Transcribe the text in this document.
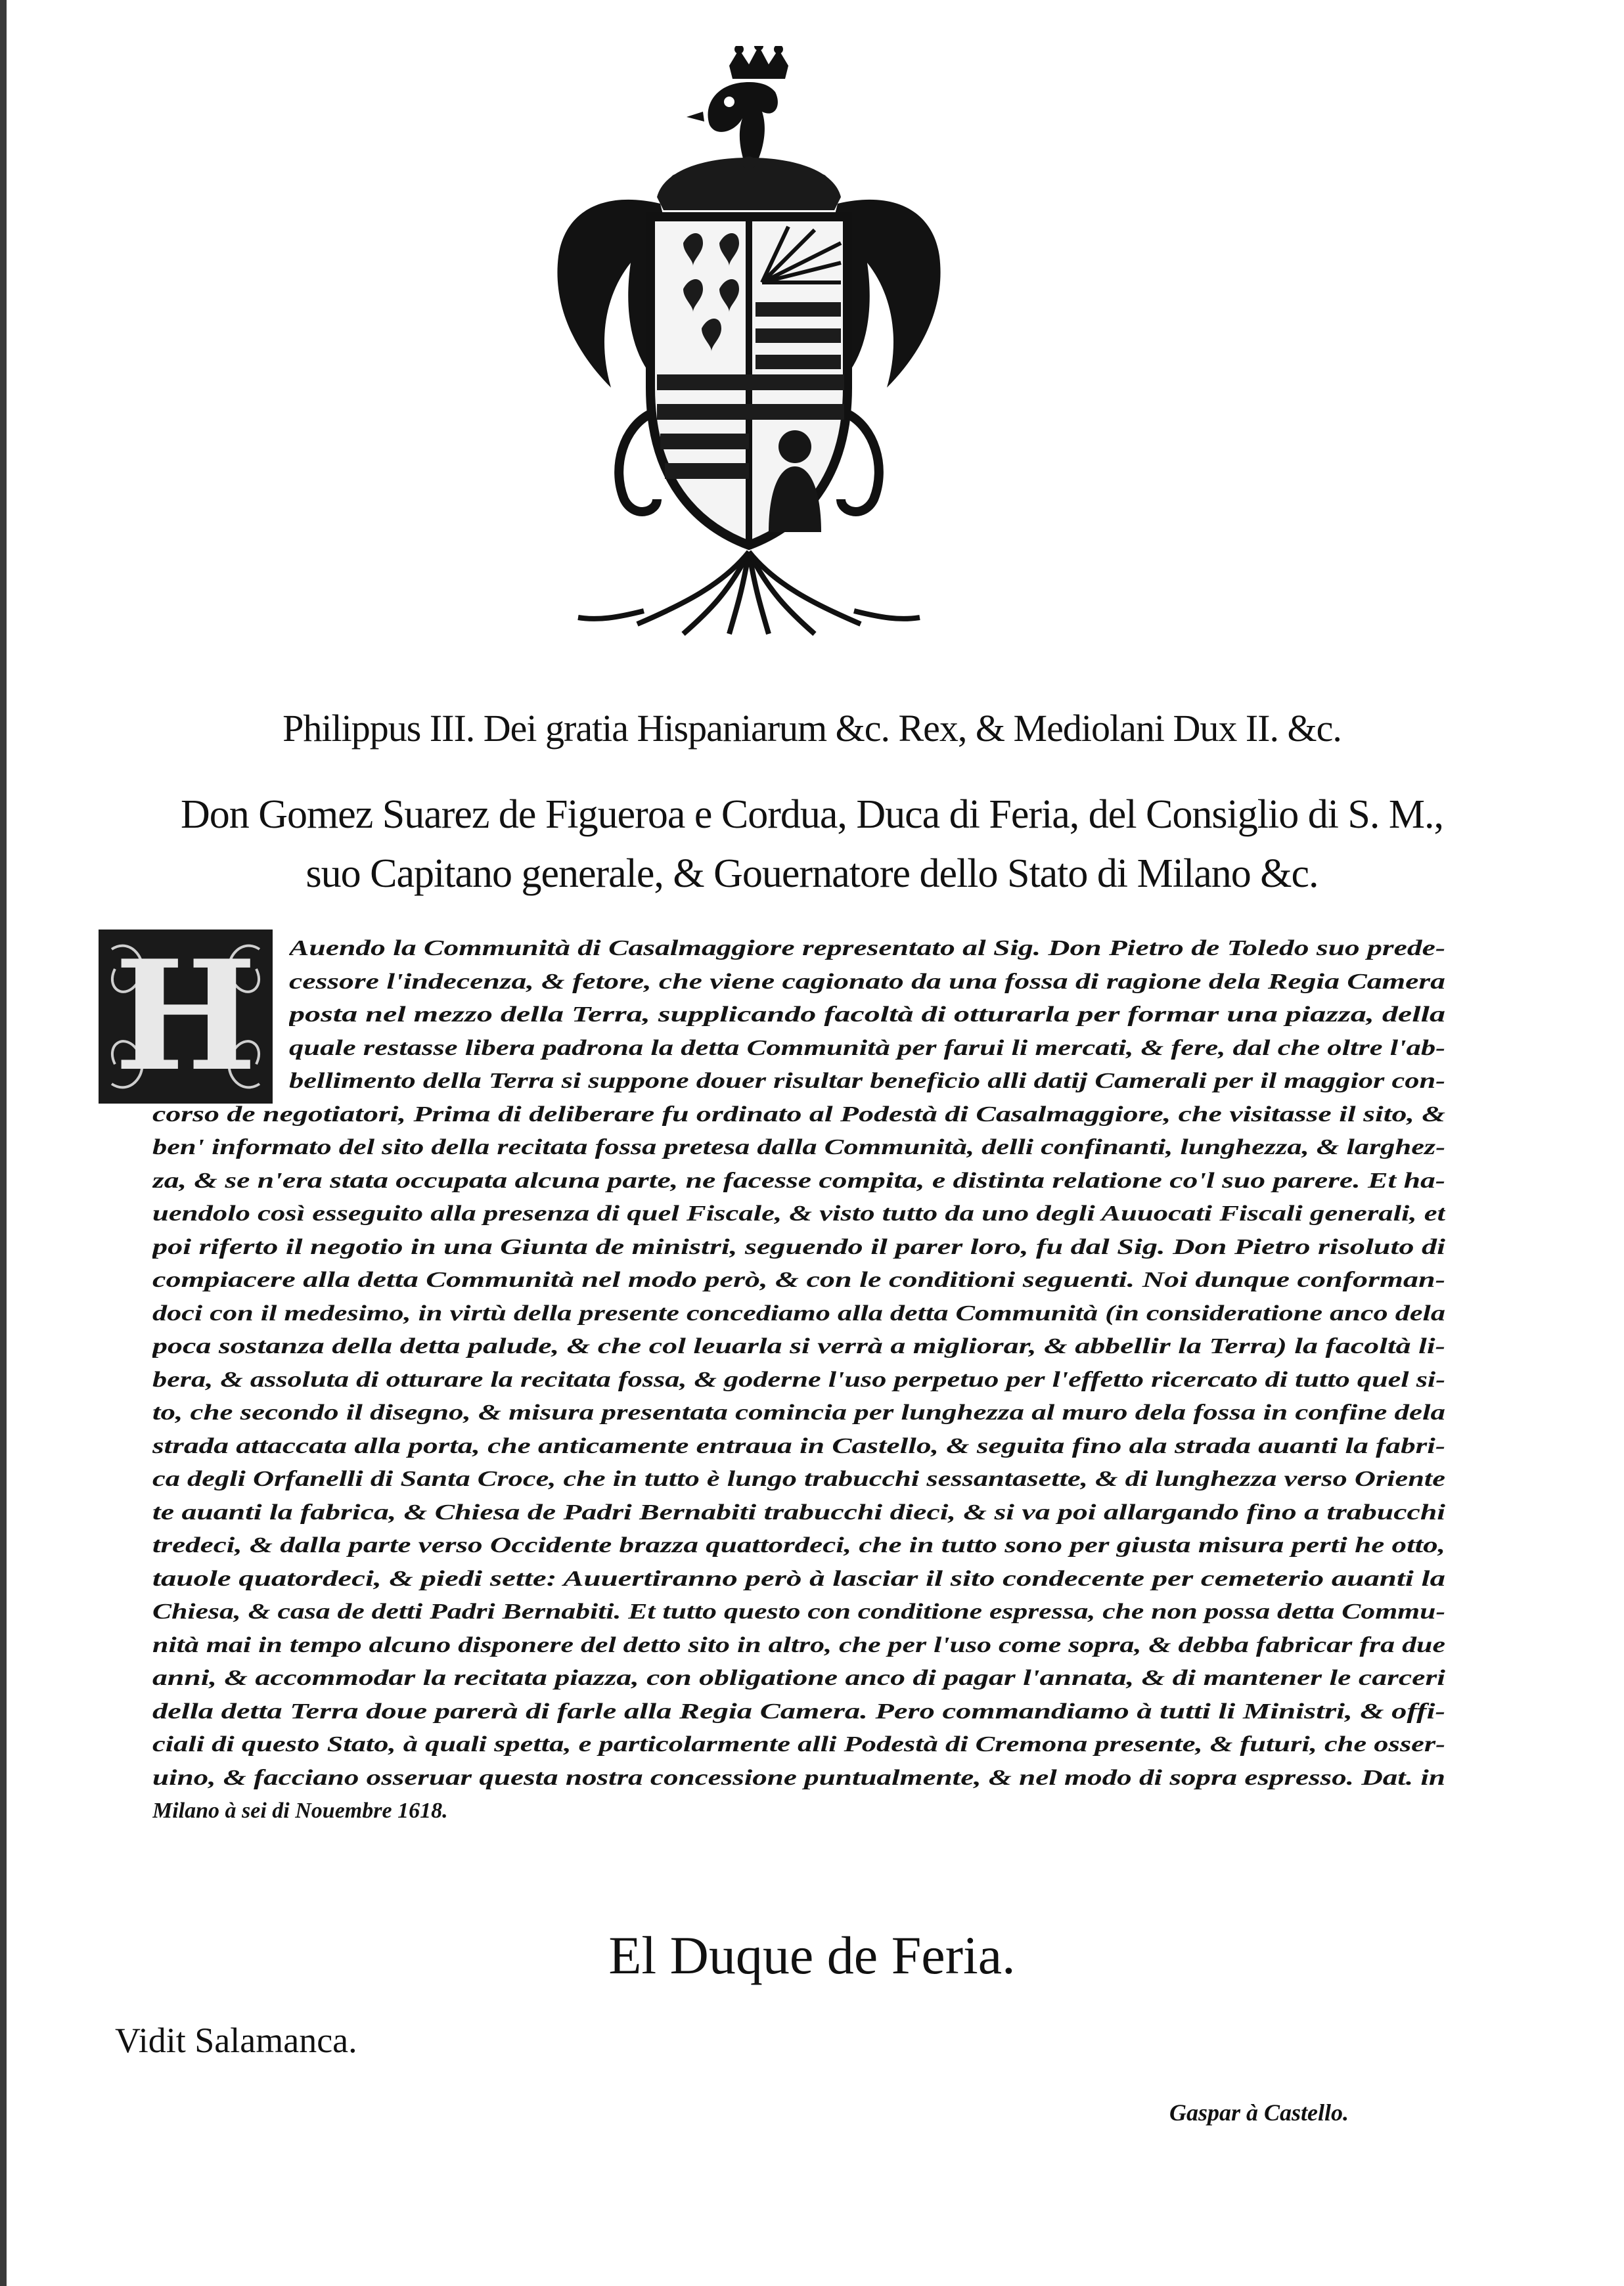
Philippus III. Dei gratia Hispaniarum &c. Rex, & Mediolani Dux II. &c.
Don Gomez Suarez de Figueroa e Cordua, Duca di Feria, del Consiglio di S. M.,
suo Capitano generale, & Gouernatore dello Stato di Milano &c.
H	Auendo la Communità di Casalmaggiore representato al Sig. Don Pietro de Toledo suo prede-
cessore l'indecenza, & fetore, che viene cagionato da una fossa di ragione dela Regia Camera
posta nel mezzo della Terra, supplicando facoltà di otturarla per formar una piazza, della
quale restasse libera padrona la detta Communità per farui li mercati, & fere, dal che oltre l'ab-
bellimento della Terra si suppone douer risultar beneficio alli datij Camerali per il maggior con-
corso de negotiatori, Prima di deliberare fu ordinato al Podestà di Casalmaggiore, che visitasse il sito, &
ben' informato del sito della recitata fossa pretesa dalla Communità, delli confinanti, lunghezza, & larghez-
za, & se n'era stata occupata alcuna parte, ne facesse compita, e distinta relatione co'l suo parere. Et ha-
uendolo così esseguito alla presenza di quel Fiscale, & visto tutto da uno degli Auuocati Fiscali generali, et
poi riferto il negotio in una Giunta de ministri, seguendo il parer loro, fu dal Sig. Don Pietro risoluto di
compiacere alla detta Communità nel modo però, & con le conditioni seguenti. Noi dunque conforman-
doci con il medesimo, in virtù della presente concediamo alla detta Communità (in consideratione anco dela
poca sostanza della detta palude, & che col leuarla si verrà a migliorar, & abbellir la Terra) la facoltà li-
bera, & assoluta di otturare la recitata fossa, & goderne l'uso perpetuo per l'effetto ricercato di tutto quel si-
to, che secondo il disegno, & misura presentata comincia per lunghezza al muro dela fossa in confine dela
strada attaccata alla porta, che anticamente entraua in Castello, & seguita fino ala strada auanti la fabri-
ca degli Orfanelli di Santa Croce, che in tutto è lungo trabucchi sessantasette, & di lunghezza verso Oriente
te auanti la fabrica, & Chiesa de Padri Bernabiti trabucchi dieci, & si va poi allargando fino a trabucchi
tredeci, & dalla parte verso Occidente brazza quattordeci, che in tutto sono per giusta misura perti he otto,
tauole quatordeci, & piedi sette: Auuertiranno però à lasciar il sito condecente per cemeterio auanti la
Chiesa, & casa de detti Padri Bernabiti. Et tutto questo con conditione espressa, che non possa detta Commu-
nità mai in tempo alcuno disponere del detto sito in altro, che per l'uso come sopra, & debba fabricar fra due
anni, & accommodar la recitata piazza, con obligatione anco di pagar l'annata, & di mantener le carceri
della detta Terra doue parerà di farle alla Regia Camera. Pero commandiamo à tutti li Ministri, & offi-
ciali di questo Stato, à quali spetta, e particolarmente alli Podestà di Cremona presente, & futuri, che osser-
uino, & facciano osseruar questa nostra concessione puntualmente, & nel modo di sopra espresso. Dat. in
Milano à sei di Nouembre 1618.
El Duque de Feria.
Vidit Salamanca.
Gaspar à Castello.
